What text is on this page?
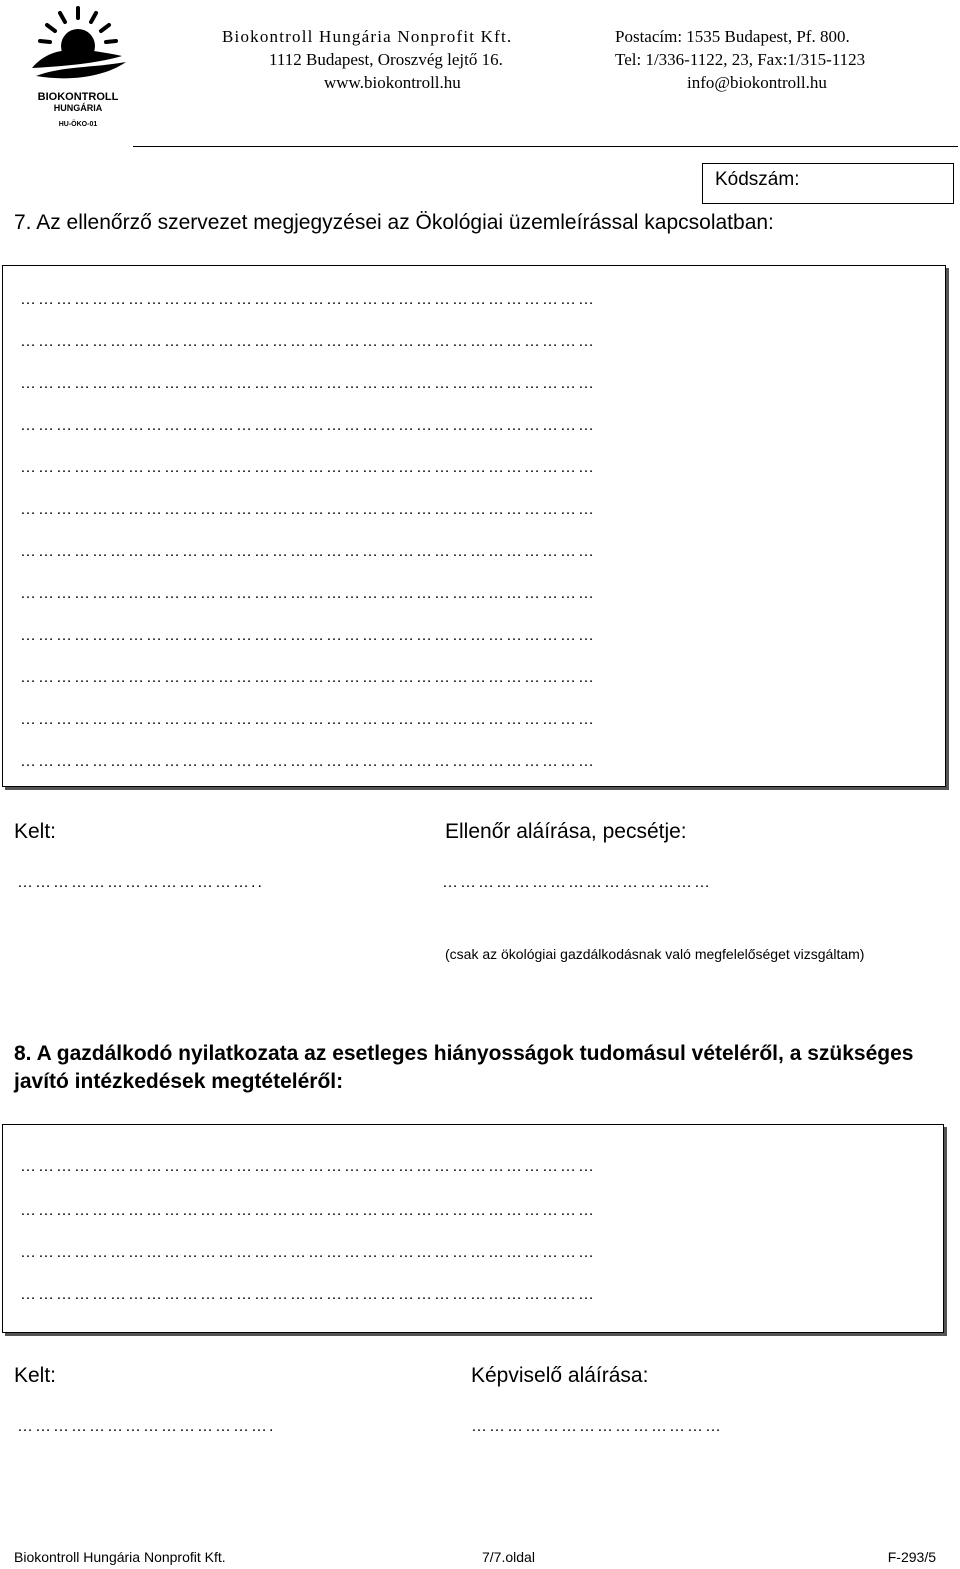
BIOKONTROLL
HUNGÁRIA
HU-ÖKO-01
Biokontroll Hungária Nonprofit Kft.
1112 Budapest, Oroszvég lejtő 16.
www.biokontroll.hu
Postacím: 1535 Budapest, Pf. 800.
Tel: 1/336-1122, 23, Fax:1/315-1123
info@biokontroll.hu
Kódszám:
7. Az ellenőrző szervezet megjegyzései az Ökológiai üzemleírással kapcsolatban:
……………………………………………………………………………………
……………………………………………………………………………………
……………………………………………………………………………………
……………………………………………………………………………………
……………………………………………………………………………………
……………………………………………………………………………………
……………………………………………………………………………………
……………………………………………………………………………………
……………………………………………………………………………………
……………………………………………………………………………………
……………………………………………………………………………………
……………………………………………………………………………………
Kelt:	Ellenőr aláírása, pecsétje:
…………………………………..	………………………………………
(csak az ökológiai gazdálkodásnak való megfelelőséget vizsgáltam)
8. A gazdálkodó nyilatkozata az esetleges hiányosságok tudomásul vételéről, a szükséges javító intézkedések megtételéről:
……………………………………………………………………………………
……………………………………………………………………………………
……………………………………………………………………………………
……………………………………………………………………………………
Kelt:	Képviselő aláírása:
…………………………………….	……………………………………
Biokontroll Hungária Nonprofit Kft.	7/7.oldal	F-293/5
